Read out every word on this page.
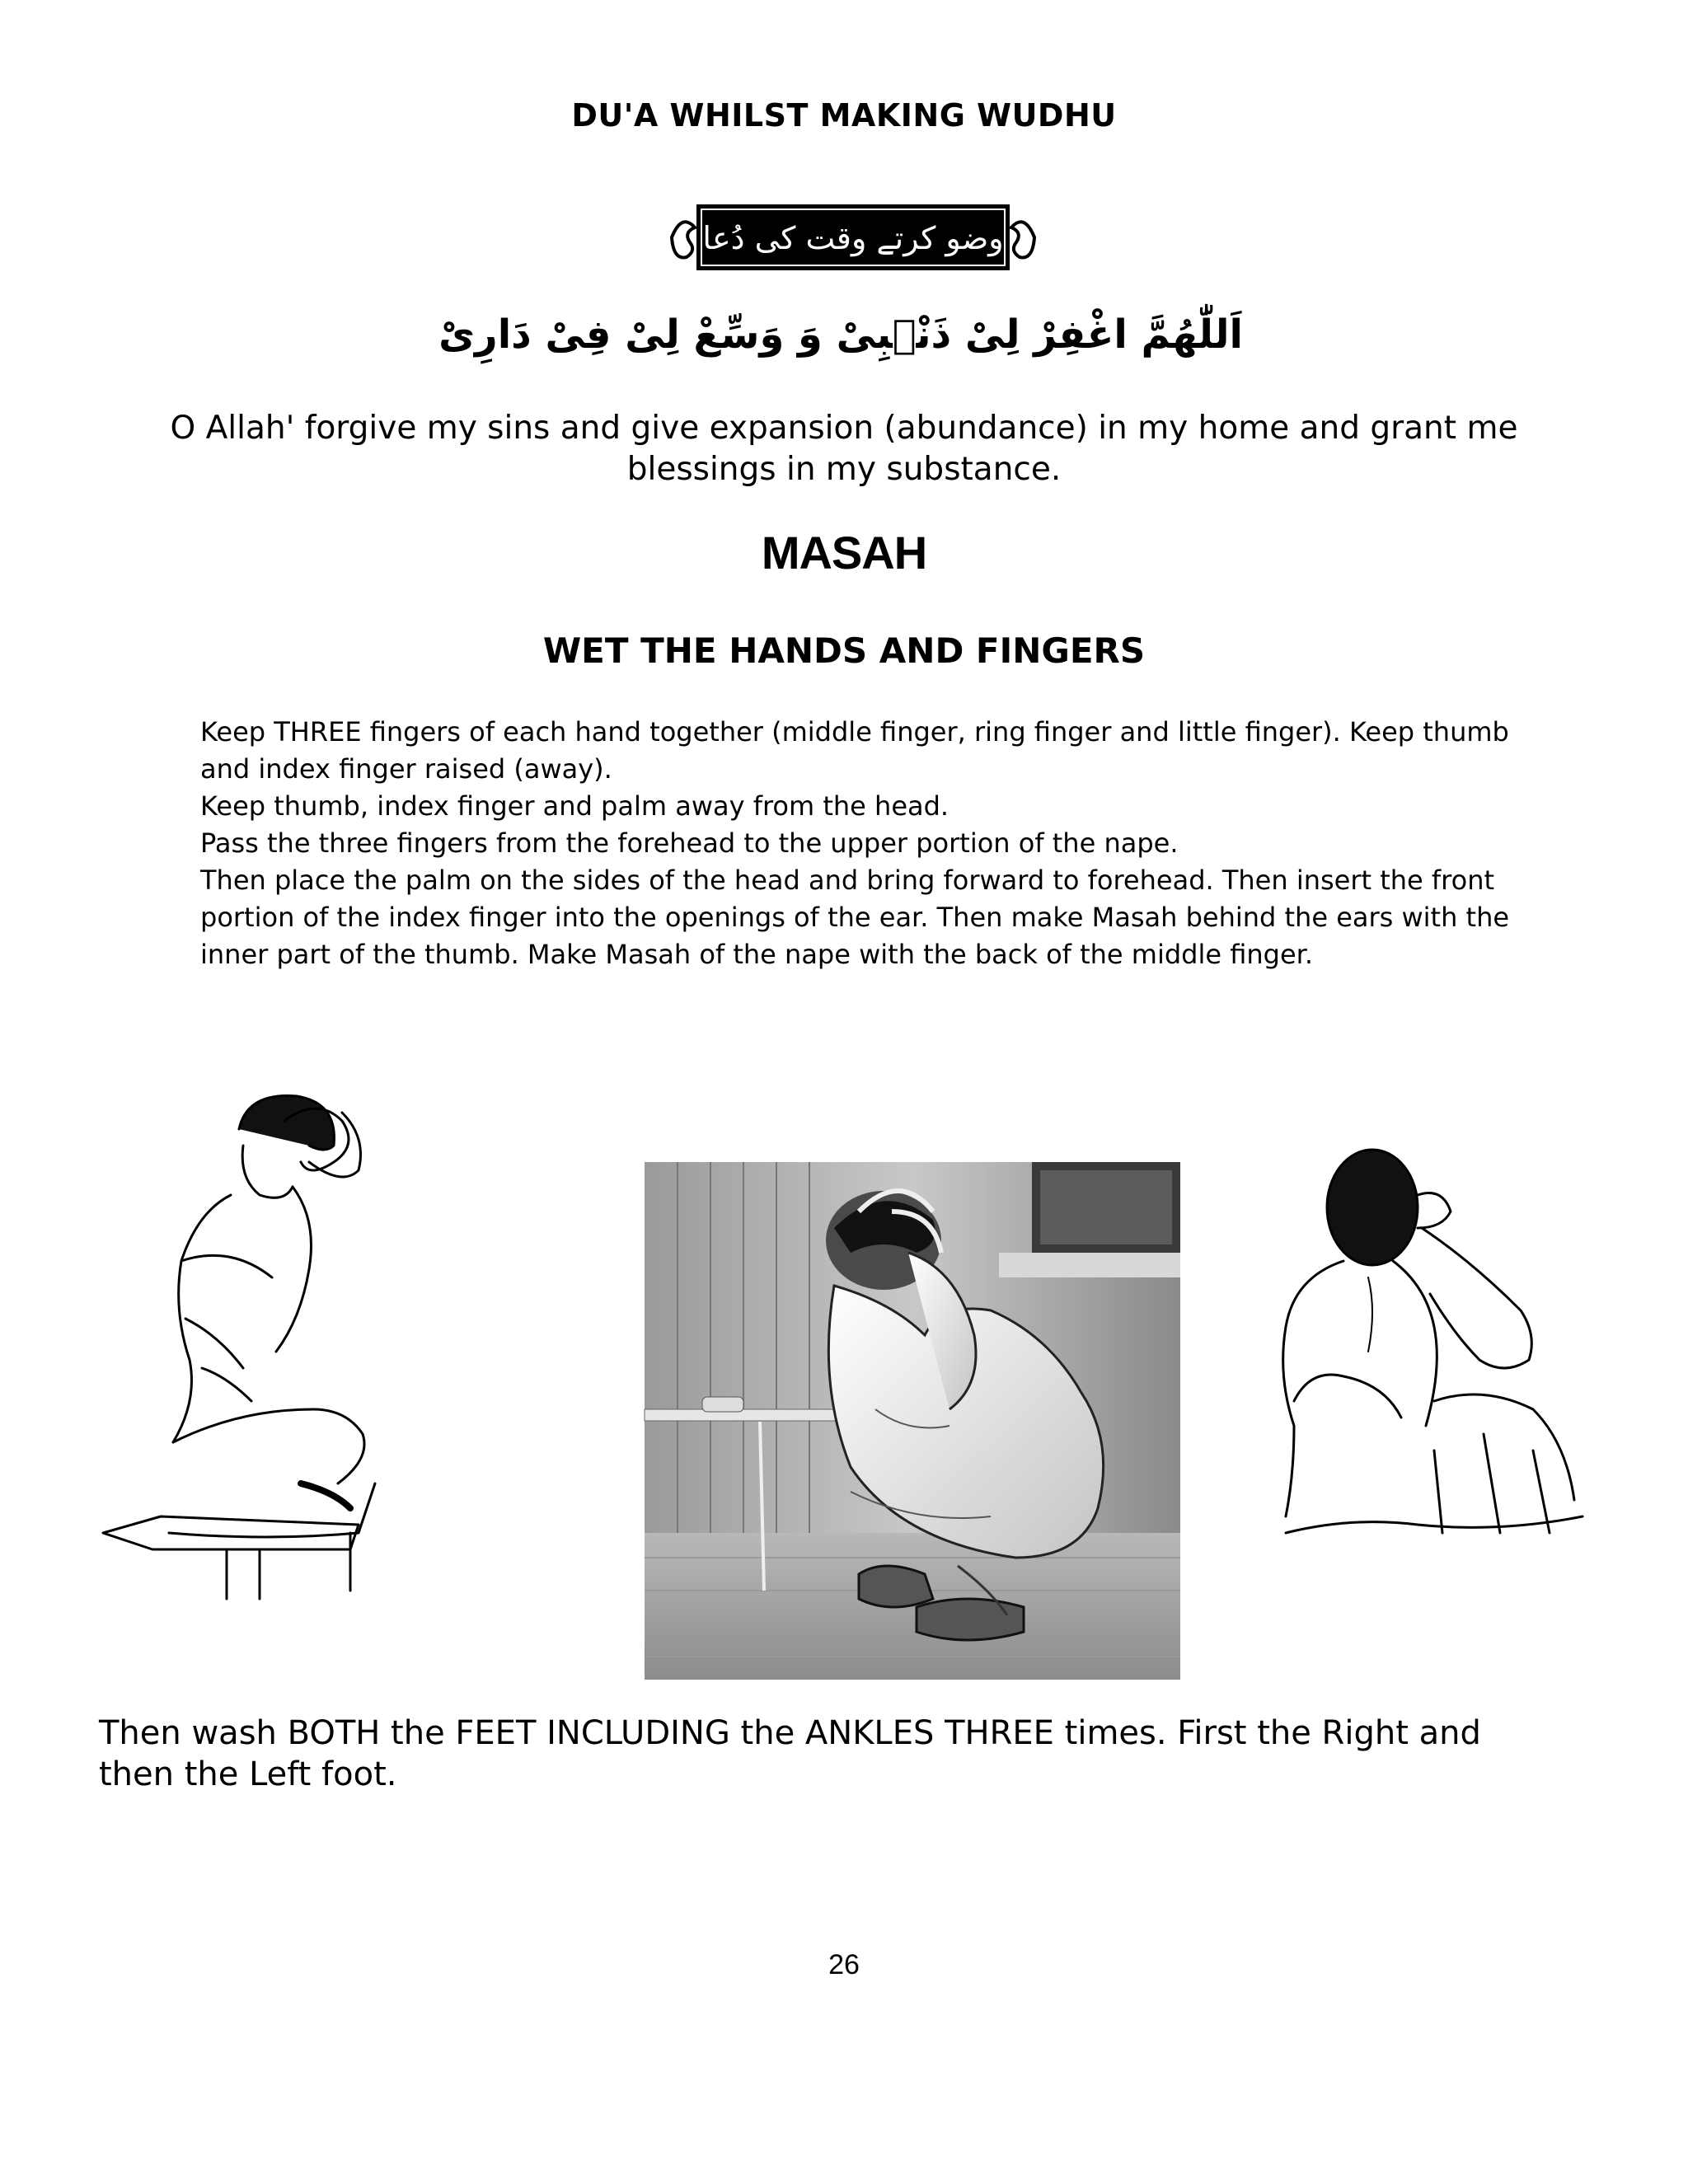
DU'A WHILST MAKING WUDHU
وضو کرتے وقت کی دُعا
اَللّٰهُمَّ اغْفِرْ لِیْ ذَنْۢبِیْ وَ وَسِّعْ لِیْ فِیْ دَارِیْ
O Allah' forgive my sins and give expansion (abundance) in my home and grant me blessings in my substance.
MASAH
WET THE HANDS AND FINGERS

Keep THREE fingers of each hand together (middle finger, ring finger and little finger). Keep thumb and index finger raised (away).

Keep thumb, index finger and palm away from the head.

Pass the three fingers from the forehead to the upper portion of the nape.

Then place the palm on the sides of the head and bring forward to forehead. Then insert the front portion of the index finger into the openings of the ear. Then make Masah behind the ears with the inner part of the thumb. Make Masah of the nape with the back of the middle finger.

Then wash BOTH the FEET INCLUDING the ANKLES THREE times. First the Right and then the Left foot.
26
